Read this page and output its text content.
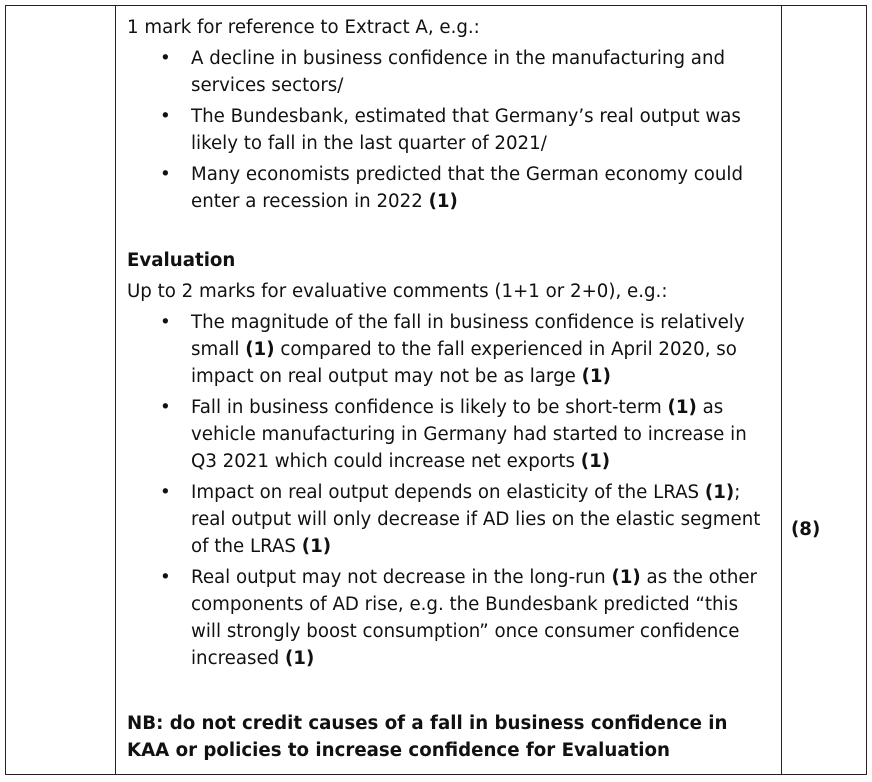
1 mark for reference to Extract A, e.g.:

• A decline in business confidence in the manufacturing and services sectors/
• The Bundesbank, estimated that Germany’s real output was likely to fall in the last quarter of 2021/
• Many economists predicted that the German economy could enter a recession in 2022 (1)

Evaluation

Up to 2 marks for evaluative comments (1+1 or 2+0), e.g.:

• The magnitude of the fall in business confidence is relatively small (1) compared to the fall experienced in April 2020, so impact on real output may not be as large (1)
• Fall in business confidence is likely to be short-term (1) as vehicle manufacturing in Germany had started to increase in Q3 2021 which could increase net exports (1)
• Impact on real output depends on elasticity of the LRAS (1); real output will only decrease if AD lies on the elastic segment of the LRAS (1)
• Real output may not decrease in the long-run (1) as the other components of AD rise, e.g. the Bundesbank predicted “this will strongly boost consumption” once consumer confidence increased (1)

NB: do not credit causes of a fall in business confidence in KAA or policies to increase confidence for Evaluation

(8)
